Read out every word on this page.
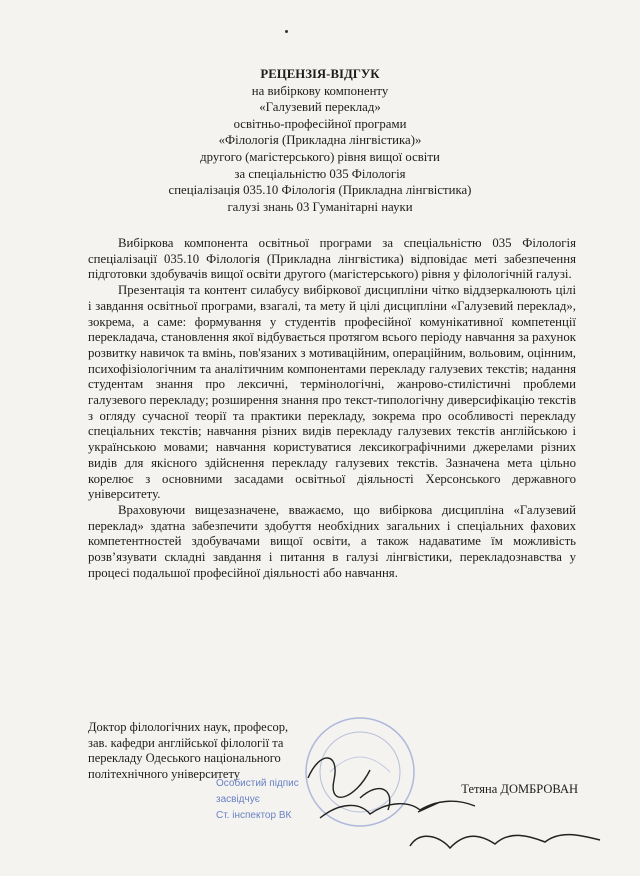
РЕЦЕНЗІЯ-ВІДГУК
на вибіркову компоненту
«Галузевий переклад»
освітньо-професійної програми
«Філологія (Прикладна лінгвістика)»
другого (магістерського) рівня вищої освіти
за спеціальністю 035 Філологія
спеціалізація 035.10 Філологія (Прикладна лінгвістика)
галузі знань 03 Гуманітарні науки

Вибіркова компонента освітньої програми за спеціальністю 035 Філологія спеціалізації 035.10 Філологія (Прикладна лінгвістика) відповідає меті забезпечення підготовки здобувачів вищої освіти другого (магістерського) рівня у філологічній галузі.

Презентація та контент силабусу вибіркової дисципліни чітко віддзеркалюють цілі і завдання освітньої програми, взагалі, та мету й цілі дисципліни «Галузевий переклад», зокрема, а саме: формування у студентів професійної комунікативної компетенції перекладача, становлення якої відбувається протягом всього періоду навчання за рахунок розвитку навичок та вмінь, пов'язаних з мотиваційним, операційним, вольовим, оцінним, психофізіологічним та аналітичним компонентами перекладу галузевих текстів; надання студентам знання про лексичні, термінологічні, жанрово-стилістичні проблеми галузевого перекладу; розширення знання про текст-типологічну диверсифікацію текстів з огляду сучасної теорії та практики перекладу, зокрема про особливості перекладу спеціальних текстів; навчання різних видів перекладу галузевих текстів англійською і українською мовами; навчання користуватися лексикографічними джерелами різних видів для якісного здійснення перекладу галузевих текстів. Зазначена мета цільно корелює з основними засадами освітньої діяльності Херсонського державного університету.

Враховуючи вищезазначене, вважаємо, що вибіркова дисципліна «Галузевий переклад» здатна забезпечити здобуття необхідних загальних і спеціальних фахових компетентностей здобувачами вищої освіти, а також надаватиме їм можливість розв’язувати складні завдання і питання в галузі лінгвістики, перекладознавства у процесі подальшої професійної діяльності або навчання.

Доктор філологічних наук, професор,
зав. кафедри англійської філології та
перекладу Одеського національного
політехнічного університету
Тетяна ДОМБРОВАН
Особистий підпис
засвідчує
Ст. інспектор ВК
